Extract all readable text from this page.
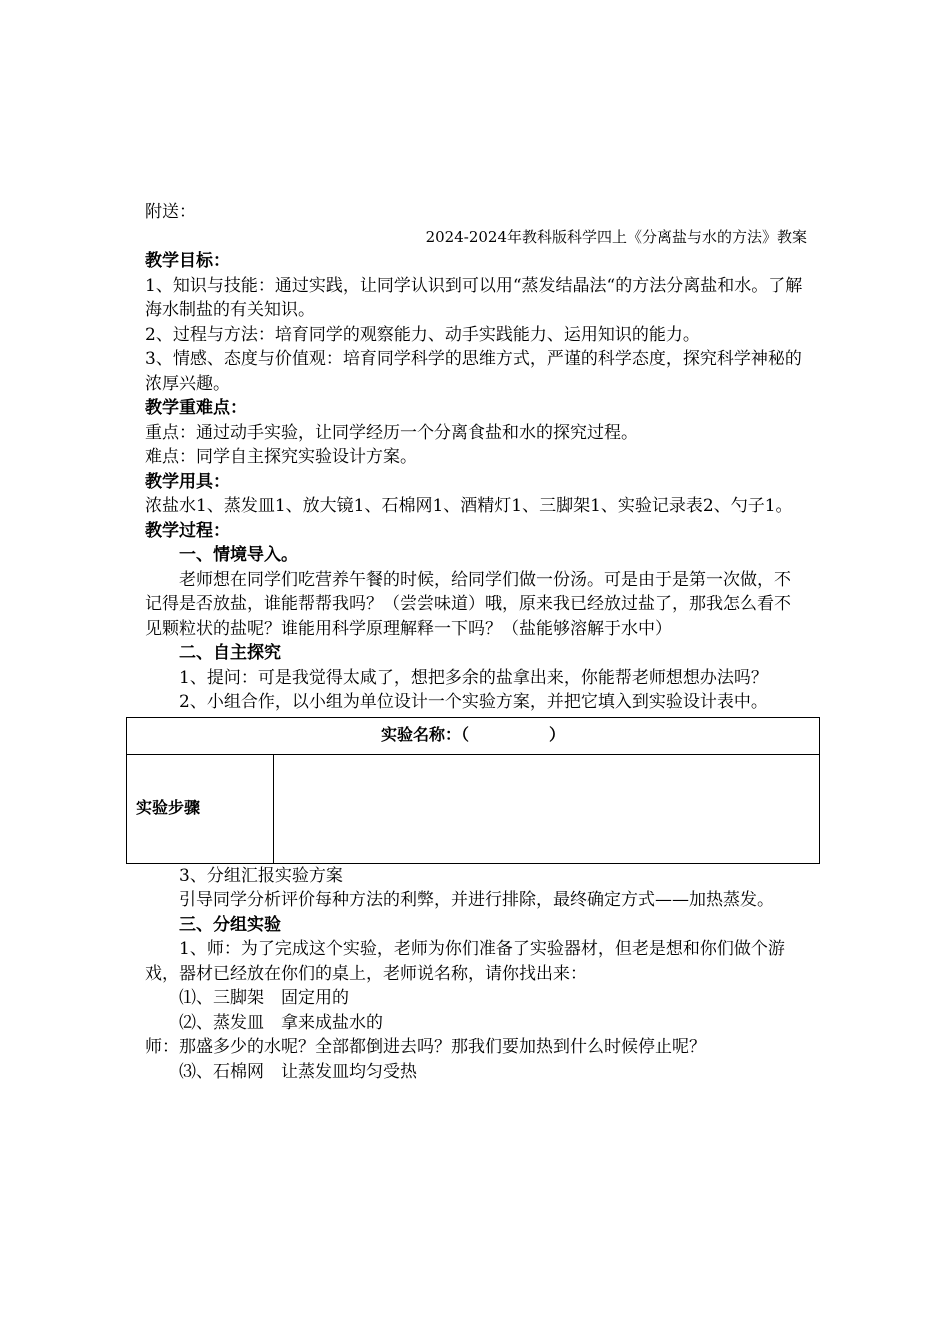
附送：

2024-2024年教科版科学四上《分离盐与水的方法》教案

教学目标：

1、知识与技能：通过实践，让同学认识到可以用“蒸发结晶法“的方法分离盐和水。了解海水制盐的有关知识。

2、过程与方法：培育同学的观察能力、动手实践能力、运用知识的能力。

3、情感、态度与价值观：培育同学科学的思维方式，严谨的科学态度，探究科学神秘的浓厚兴趣。

教学重难点：

重点：通过动手实验，让同学经历一个分离食盐和水的探究过程。

难点：同学自主探究实验设计方案。

教学用具：

浓盐水1、蒸发皿1、放大镜1、石棉网1、酒精灯1、三脚架1、实验记录表2、勺子1。

教学过程：

一、情境导入。

老师想在同学们吃营养午餐的时候，给同学们做一份汤。可是由于是第一次做，不记得是否放盐，谁能帮帮我吗？（尝尝味道）哦，原来我已经放过盐了，那我怎么看不见颗粒状的盐呢？谁能用科学原理解释一下吗？（盐能够溶解于水中）

二、自主探究

1、提问：可是我觉得太咸了，想把多余的盐拿出来，你能帮老师想想办法吗？

2、小组合作，以小组为单位设计一个实验方案，并把它填入到实验设计表中。

实验名称：（　　　　　）
实验步骤	

3、分组汇报实验方案

引导同学分析评价每种方法的利弊，并进行排除，最终确定方式——加热蒸发。

三、分组实验

1、师：为了完成这个实验，老师为你们准备了实验器材，但老是想和你们做个游戏，器材已经放在你们的桌上，老师说名称，请你找出来：

⑴、三脚架　固定用的

⑵、蒸发皿　拿来成盐水的

师：那盛多少的水呢？全部都倒进去吗？那我们要加热到什么时候停止呢？

⑶、石棉网　让蒸发皿均匀受热
